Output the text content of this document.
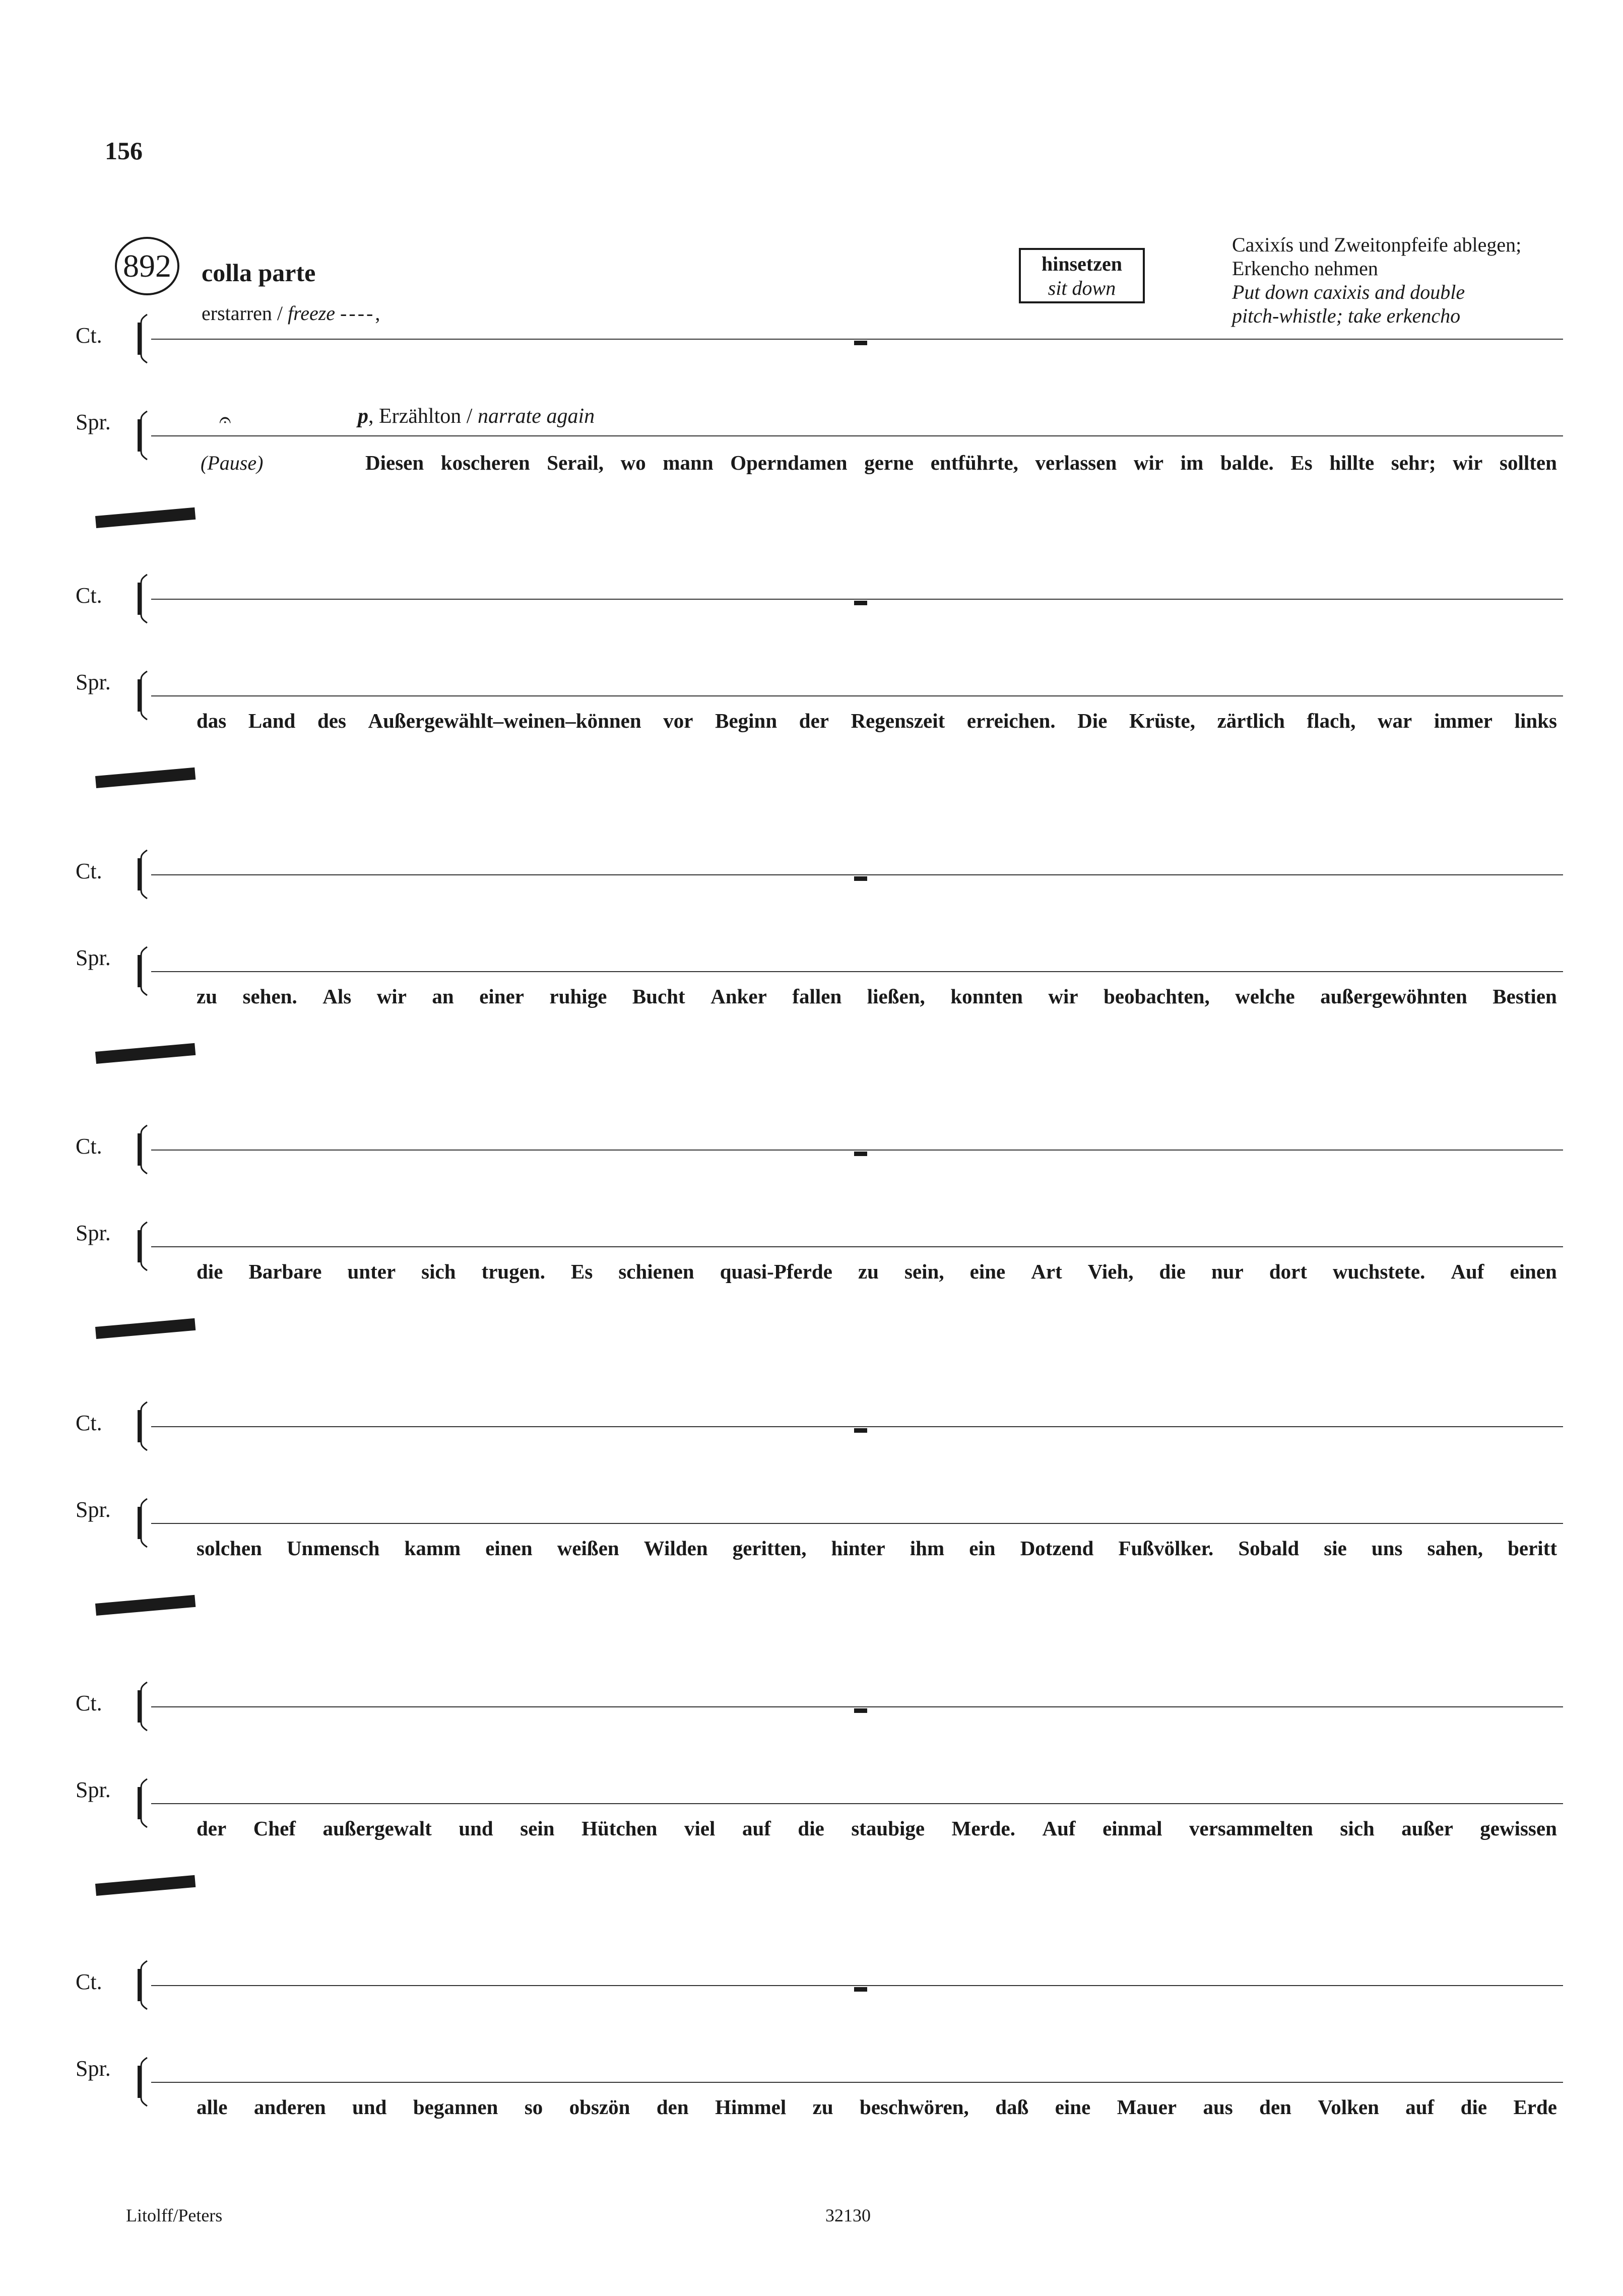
156
892	colla parte
erstarren / freeze ----,
hinsetzen
sit down
Caxixís und Zweitonpfeife ablegen;
Erkencho nehmen
Put down caxixis and double
pitch-whistle; take erkencho
𝄐	p, Erzählton / narrate again
(Pause)
Ct.
Spr.
Diesen koscheren Serail, wo mann Operndamen gerne entführte, verlassen wir im balde. Es hillte sehr; wir sollten
Ct.
Spr.
das Land des Außergewählt–weinen–können vor Beginn der Regenszeit erreichen. Die Krüste, zärtlich flach, war immer links
Ct.
Spr.
zu sehen. Als wir an einer ruhige Bucht Anker fallen ließen, konnten wir beobachten, welche außergewöhnten Bestien
Ct.
Spr.
die Barbare unter sich trugen. Es schienen quasi-Pferde zu sein, eine Art Vieh, die nur dort wuchstete. Auf einen
Ct.
Spr.
solchen Unmensch kamm einen weißen Wilden geritten, hinter ihm ein Dotzend Fußvölker. Sobald sie uns sahen, beritt
Ct.
Spr.
der Chef außergewalt und sein Hütchen viel auf die staubige Merde. Auf einmal versammelten sich außer gewissen
Ct.
Spr.
alle anderen und begannen so obszön den Himmel zu beschwören, daß eine Mauer aus den Volken auf die Erde
Litolff/Peters	32130
